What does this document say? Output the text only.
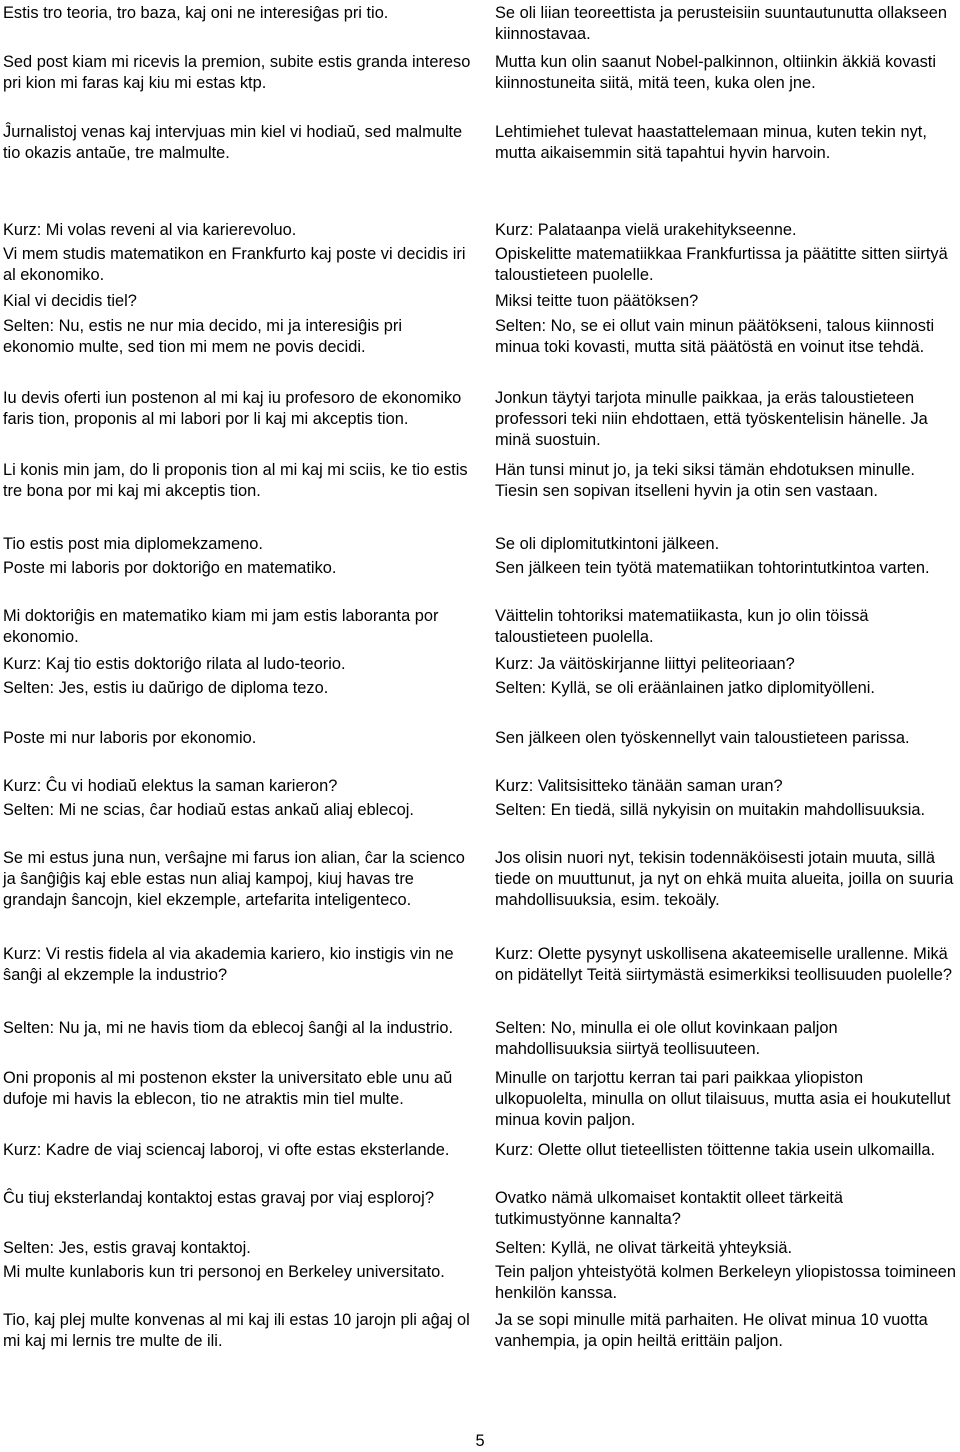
Estis tro teoria, tro baza, kaj oni ne interesiĝas pri tio.

Sed post kiam mi ricevis la premion, subite estis granda intereso pri kion mi faras kaj kiu mi estas ktp.

Ĵurnalistoj venas kaj intervjuas min kiel vi hodiaŭ, sed malmulte tio okazis antaŭe, tre malmulte.

Kurz: Mi volas reveni al via karierevoluo.

Vi mem studis matematikon en Frankfurto kaj poste vi decidis iri al ekonomiko.

Kial vi decidis tiel?

Selten: Nu, estis ne nur mia decido, mi ja interesiĝis pri ekonomio multe, sed tion mi mem ne povis decidi.

Iu devis oferti iun postenon al mi kaj iu profesoro de ekonomiko faris tion, proponis al mi labori por li kaj mi akceptis tion.

Li konis min jam, do li proponis tion al mi kaj mi sciis, ke tio estis tre bona por mi kaj mi akceptis tion.

Tio estis post mia diplomekzameno.

Poste mi laboris por doktoriĝo en matematiko.

Mi doktoriĝis en matematiko kiam mi jam estis laboranta por ekonomio.

Kurz: Kaj tio estis doktoriĝo rilata al ludo-teorio.

Selten: Jes, estis iu daŭrigo de diploma tezo.

Poste mi nur laboris por ekonomio.

Kurz: Ĉu vi hodiaŭ elektus la saman karieron?

Selten: Mi ne scias, ĉar hodiaŭ estas ankaŭ aliaj eblecoj.

Se mi estus juna nun, verŝajne mi farus ion alian, ĉar la scienco ja ŝanĝiĝis kaj eble estas nun aliaj kampoj, kiuj havas tre grandajn ŝancojn, kiel ekzemple, artefarita inteligenteco.

Kurz: Vi restis fidela al via akademia kariero, kio instigis vin ne ŝanĝi al ekzemple la industrio?

Selten: Nu ja, mi ne havis tiom da eblecoj ŝanĝi al la industrio.

Oni proponis al mi postenon ekster la universitato eble unu aŭ dufoje mi havis la eblecon, tio ne atraktis min tiel multe.

Kurz: Kadre de viaj sciencaj laboroj, vi ofte estas eksterlande.

Ĉu tiuj eksterlandaj kontaktoj estas gravaj por viaj esploroj?

Selten: Jes, estis gravaj kontaktoj.

Mi multe kunlaboris kun tri personoj en Berkeley universitato.

Tio, kaj plej multe konvenas al mi kaj ili estas 10 jarojn pli aĝaj ol mi kaj mi lernis tre multe de ili.

Se oli liian teoreettista ja perusteisiin suuntautunutta ollakseen kiinnostavaa.

Mutta kun olin saanut Nobel-palkinnon, oltiinkin äkkiä kovasti kiinnostuneita siitä, mitä teen, kuka olen jne.

Lehtimiehet tulevat haastattelemaan minua, kuten tekin nyt, mutta aikaisemmin sitä tapahtui hyvin harvoin.

Kurz: Palataanpa vielä urakehitykseenne.

Opiskelitte matematiikkaa Frankfurtissa ja päätitte sitten siirtyä taloustieteen puolelle.

Miksi teitte tuon päätöksen?

Selten: No, se ei ollut vain minun päätökseni, talous kiinnosti minua toki kovasti, mutta sitä päätöstä en voinut itse tehdä.

Jonkun täytyi tarjota minulle paikkaa, ja eräs taloustieteen professori teki niin ehdottaen, että työskentelisin hänelle. Ja minä suostuin.

Hän tunsi minut jo, ja teki siksi tämän ehdotuksen minulle. Tiesin sen sopivan itselleni hyvin ja otin sen vastaan.

Se oli diplomitutkintoni jälkeen.

Sen jälkeen tein työtä matematiikan tohtorintutkintoa varten.

Väittelin tohtoriksi matematiikasta, kun jo olin töissä taloustieteen puolella.

Kurz: Ja väitöskirjanne liittyi peliteoriaan?

Selten: Kyllä, se oli eräänlainen jatko diplomityölleni.

Sen jälkeen olen työskennellyt vain taloustieteen parissa.

Kurz: Valitsisitteko tänään saman uran?

Selten: En tiedä, sillä nykyisin on muitakin mahdollisuuksia.

Jos olisin nuori nyt, tekisin todennäköisesti jotain muuta, sillä tiede on muuttunut, ja nyt on ehkä muita alueita, joilla on suuria mahdollisuuksia, esim. tekoäly.

Kurz: Olette pysynyt uskollisena akateemiselle urallenne. Mikä on pidätellyt Teitä siirtymästä esimerkiksi teollisuuden puolelle?

Selten: No, minulla ei ole ollut kovinkaan paljon mahdollisuuksia siirtyä teollisuuteen.

Minulle on tarjottu kerran tai pari paikkaa yliopiston ulkopuolelta, minulla on ollut tilaisuus, mutta asia ei houkutellut minua kovin paljon.

Kurz: Olette ollut tieteellisten töittenne takia usein ulkomailla.

Ovatko nämä ulkomaiset kontaktit olleet tärkeitä tutkimustyönne kannalta?

Selten: Kyllä, ne olivat tärkeitä yhteyksiä.

Tein paljon yhteistyötä kolmen Berkeleyn yliopistossa toimineen henkilön kanssa.

Ja se sopi minulle mitä parhaiten. He olivat minua 10 vuotta vanhempia, ja opin heiltä erittäin paljon.

5
